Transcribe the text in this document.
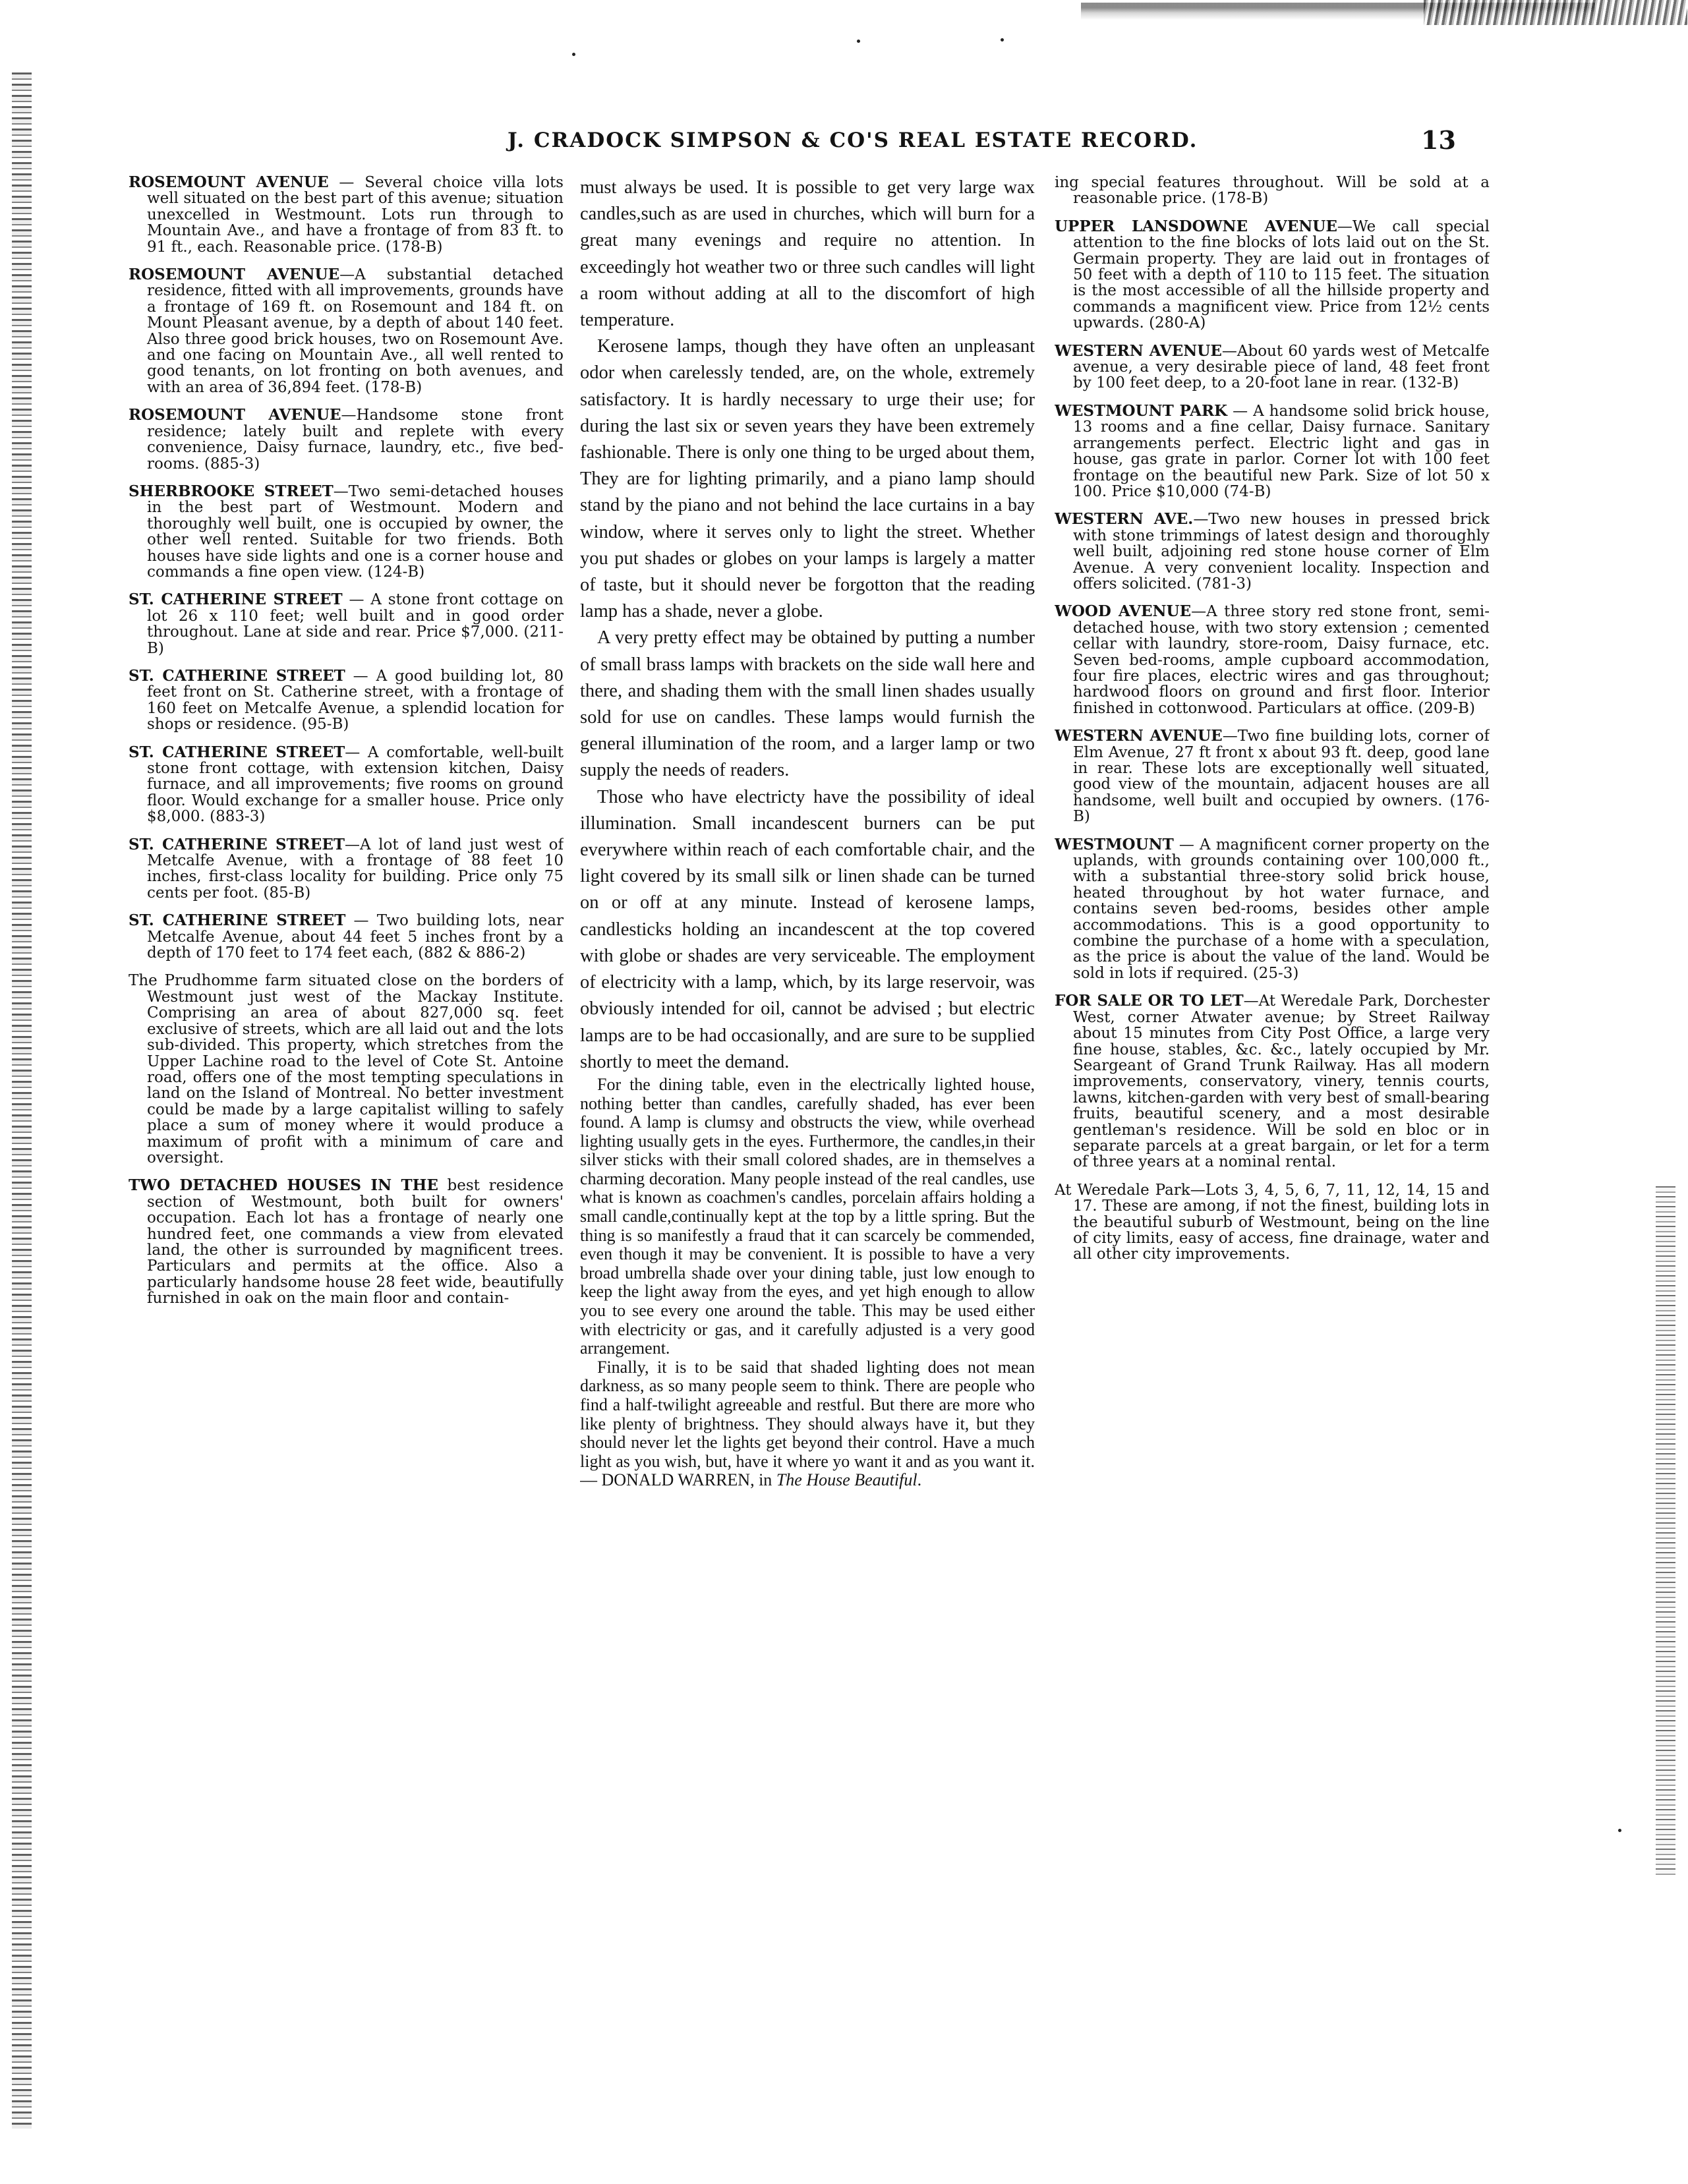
J. CRADOCK SIMPSON & CO'S REAL ESTATE RECORD.	13

ROSEMOUNT AVENUE — Several choice villa lots well situated on the best part of this avenue; situation unexcelled in Westmount. Lots run through to Mountain Ave., and have a frontage of from 83 ft. to 91 ft., each. Reasonable price. (178-B)

ROSEMOUNT AVENUE—A substantial detached residence, fitted with all improvements, grounds have a frontage of 169 ft. on Rosemount and 184 ft. on Mount Pleasant avenue, by a depth of about 140 feet. Also three good brick houses, two on Rosemount Ave. and one facing on Mountain Ave., all well rented to good tenants, on lot fronting on both avenues, and with an area of 36,894 feet. (178-B)

ROSEMOUNT AVENUE—Handsome stone front residence; lately built and replete with every convenience, Daisy furnace, laundry, etc., five bed-rooms. (885-3)

SHERBROOKE STREET—Two semi-detached houses in the best part of Westmount. Modern and thoroughly well built, one is occupied by owner, the other well rented. Suitable for two friends. Both houses have side lights and one is a corner house and commands a fine open view. (124-B)

ST. CATHERINE STREET — A stone front cottage on lot 26 x 110 feet; well built and in good order throughout. Lane at side and rear. Price $7,000. (211-B)

ST. CATHERINE STREET — A good building lot, 80 feet front on St. Catherine street, with a frontage of 160 feet on Metcalfe Avenue, a splendid location for shops or residence. (95-B)

ST. CATHERINE STREET— A comfortable, well-built stone front cottage, with extension kitchen, Daisy furnace, and all improvements; five rooms on ground floor. Would exchange for a smaller house. Price only $8,000. (883-3)

ST. CATHERINE STREET—A lot of land just west of Metcalfe Avenue, with a frontage of 88 feet 10 inches, first-class locality for building. Price only 75 cents per foot. (85-B)

ST. CATHERINE STREET — Two building lots, near Metcalfe Avenue, about 44 feet 5 inches front by a depth of 170 feet to 174 feet each, (882 & 886-2)

The Prudhomme farm situated close on the borders of Westmount just west of the Mackay Institute. Comprising an area of about 827,000 sq. feet exclusive of streets, which are all laid out and the lots sub-divided. This property, which stretches from the Upper Lachine road to the level of Cote St. Antoine road, offers one of the most tempting speculations in land on the Island of Montreal. No better investment could be made by a large capitalist willing to safely place a sum of money where it would produce a maximum of profit with a minimum of care and oversight.

TWO DETACHED HOUSES IN THE best residence section of Westmount, both built for owners' occupation. Each lot has a frontage of nearly one hundred feet, one commands a view from elevated land, the other is surrounded by magnificent trees. Particulars and permits at the office. Also a particularly handsome house 28 feet wide, beautifully furnished in oak on the main floor and contain-

must always be used. It is possible to get very large wax candles,such as are used in churches, which will burn for a great many evenings and require no attention. In exceedingly hot weather two or three such candles will light a room without adding at all to the discomfort of high temperature.

Kerosene lamps, though they have often an unpleasant odor when carelessly tended, are, on the whole, extremely satisfactory. It is hardly necessary to urge their use; for during the last six or seven years they have been extremely fashionable. There is only one thing to be urged about them, They are for lighting primarily, and a piano lamp should stand by the piano and not behind the lace curtains in a bay window, where it serves only to light the street. Whether you put shades or globes on your lamps is largely a matter of taste, but it should never be forgotton that the reading lamp has a shade, never a globe.

A very pretty effect may be obtained by putting a number of small brass lamps with brackets on the side wall here and there, and shading them with the small linen shades usually sold for use on candles. These lamps would furnish the general illumination of the room, and a larger lamp or two supply the needs of readers.

Those who have electricty have the possibility of ideal illumination. Small incandescent burners can be put everywhere within reach of each comfortable chair, and the light covered by its small silk or linen shade can be turned on or off at any minute. Instead of kerosene lamps, candlesticks holding an incandescent at the top covered with globe or shades are very serviceable. The employment of electricity with a lamp, which, by its large reservoir, was obviously intended for oil, cannot be advised ; but electric lamps are to be had occasionally, and are sure to be supplied shortly to meet the demand.

For the dining table, even in the electrically lighted house, nothing better than candles, carefully shaded, has ever been found. A lamp is clumsy and obstructs the view, while overhead lighting usually gets in the eyes. Furthermore, the candles,in their silver sticks with their small colored shades, are in themselves a charming decoration. Many people instead of the real candles, use what is known as coachmen's candles, porcelain affairs holding a small candle,continually kept at the top by a little spring. But the thing is so manifestly a fraud that it can scarcely be commended, even though it may be convenient. It is possible to have a very broad umbrella shade over your dining table, just low enough to keep the light away from the eyes, and yet high enough to allow you to see every one around the table. This may be used either with electricity or gas, and it carefully adjusted is a very good arrangement.

Finally, it is to be said that shaded lighting does not mean darkness, as so many people seem to think. There are people who find a half-twilight agreeable and restful. But there are more who like plenty of brightness. They should always have it, but they should never let the lights get beyond their control. Have a much light as you wish, but, have it where yo want it and as you want it. — DONALD WARREN, in The House Beautiful.

ing special features throughout. Will be sold at a reasonable price. (178-B)

UPPER LANSDOWNE AVENUE—We call special attention to the fine blocks of lots laid out on the St. Germain property. They are laid out in frontages of 50 feet with a depth of 110 to 115 feet. The situation is the most accessible of all the hillside property and commands a magnificent view. Price from 12½ cents upwards. (280-A)

WESTERN AVENUE—About 60 yards west of Metcalfe avenue, a very desirable piece of land, 48 feet front by 100 feet deep, to a 20-foot lane in rear. (132-B)

WESTMOUNT PARK — A handsome solid brick house, 13 rooms and a fine cellar, Daisy furnace. Sanitary arrangements perfect. Electric light and gas in house, gas grate in parlor. Corner lot with 100 feet frontage on the beautiful new Park. Size of lot 50 x 100. Price $10,000 (74-B)

WESTERN AVE.—Two new houses in pressed brick with stone trimmings of latest design and thoroughly well built, adjoining red stone house corner of Elm Avenue. A very convenient locality. Inspection and offers solicited. (781-3)

WOOD AVENUE—A three story red stone front, semi-detached house, with two story extension ; cemented cellar with laundry, store-room, Daisy furnace, etc. Seven bed-rooms, ample cupboard accommodation, four fire places, electric wires and gas throughout; hardwood floors on ground and first floor. Interior finished in cottonwood. Particulars at office. (209-B)

WESTERN AVENUE—Two fine building lots, corner of Elm Avenue, 27 ft front x about 93 ft. deep, good lane in rear. These lots are exceptionally well situated, good view of the mountain, adjacent houses are all handsome, well built and occupied by owners. (176-B)

WESTMOUNT — A magnificent corner property on the uplands, with grounds containing over 100,000 ft., with a substantial three-story solid brick house, heated throughout by hot water furnace, and contains seven bed-rooms, besides other ample accommodations. This is a good opportunity to combine the purchase of a home with a speculation, as the price is about the value of the land. Would be sold in lots if required. (25-3)

FOR SALE OR TO LET—At Weredale Park, Dorchester West, corner Atwater avenue; by Street Railway about 15 minutes from City Post Office, a large very fine house, stables, &c. &c., lately occupied by Mr. Seargeant of Grand Trunk Railway. Has all modern improvements, conservatory, vinery, tennis courts, lawns, kitchen-garden with very best of small-bearing fruits, beautiful scenery, and a most desirable gentleman's residence. Will be sold en bloc or in separate parcels at a great bargain, or let for a term of three years at a nominal rental.

At Weredale Park—Lots 3, 4, 5, 6, 7, 11, 12, 14, 15 and 17. These are among, if not the finest, building lots in the beautiful suburb of Westmount, being on the line of city limits, easy of access, fine drainage, water and all other city improvements.
